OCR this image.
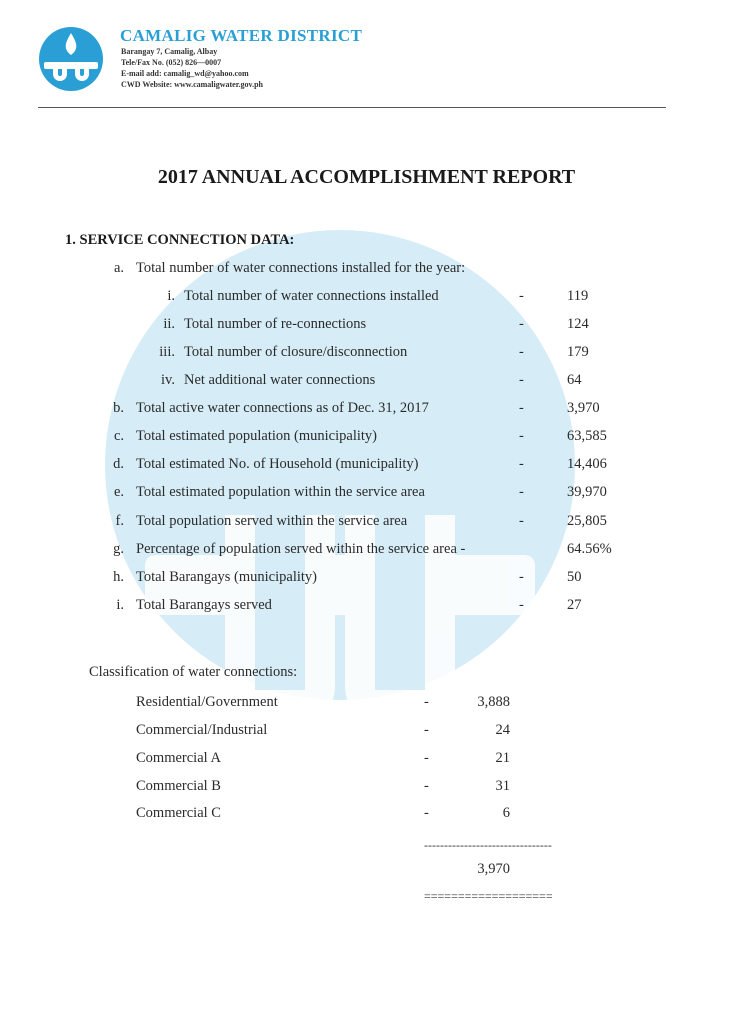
CAMALIG WATER DISTRICT
Barangay 7, Camalig, Albay
Tele/Fax No. (052) 826—0007
E-mail add: camalig_wd@yahoo.com
CWD Website: www.camaligwater.gov.ph
2017 ANNUAL ACCOMPLISHMENT REPORT
1. SERVICE CONNECTION DATA:
a. Total number of water connections installed for the year:
i. Total number of water connections installed	-	119
ii. Total number of re-connections	-	124
iii. Total number of closure/disconnection	-	179
iv. Net additional water connections	-	64
b. Total active water connections as of Dec. 31, 2017	-	3,970
c. Total estimated population (municipality)	-	63,585
d. Total estimated No. of Household (municipality)	-	14,406
e. Total estimated population within the service area	-	39,970
f. Total population served within the service area	-	25,805
g. Percentage of population served within the service area -	64.56%
h. Total Barangays (municipality)	-	50
i. Total Barangays served	-	27
Classification of water connections:
Residential/Government	-	3,888
Commercial/Industrial	-	24
Commercial A	-	21
Commercial B	-	31
Commercial C	-	6
--------------------------------
3,970
===================
